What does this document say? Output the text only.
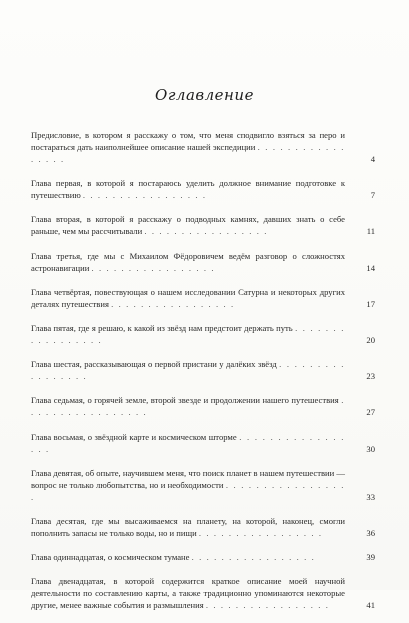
Оглавление
Предисловие, в котором я расскажу о том, что меня сподвигло взяться за перо и постараться дать наиполнейшее описание нашей экспедиции . . . . . . . . . . . . . . . . .	4
Глава первая, в которой я постараюсь уделить должное внимание подготовке к путешествию . . . . . . . . . . . . . . . . .	7
Глава вторая, в которой я расскажу о подводных камнях, давших знать о себе раньше, чем мы рассчитывали . . . . . . . . . . . . . . . . .	11
Глава третья, где мы с Михаилом Фёдоровичем ведём разговор о сложностях астронавигации . . . . . . . . . . . . . . . . .	14
Глава четвёртая, повествующая о нашем исследовании Сатурна и некоторых других деталях путешествия . . . . . . . . . . . . . . . . .	17
Глава пятая, где я решаю, к какой из звёзд нам предстоит держать путь . . . . . . . . . . . . . . . . .	20
Глава шестая, рассказывающая о первой пристани у далёких звёзд . . . . . . . . . . . . . . . . .	23
Глава седьмая, о горячей земле, второй звезде и продолжении нашего путешествия . . . . . . . . . . . . . . . . .	27
Глава восьмая, о звёздной карте и космическом шторме . . . . . . . . . . . . . . . . .	30
Глава девятая, об опыте, научившем меня, что поиск планет в нашем путешествии — вопрос не только любопытства, но и необходимости . . . . . . . . . . . . . . . . .	33
Глава десятая, где мы высаживаемся на планету, на которой, наконец, смогли пополнить запасы не только воды, но и пищи . . . . . . . . . . . . . . . . .	36
Глава одиннадцатая, о космическом тумане . . . . . . . . . . . . . . . . .	39
Глава двенадцатая, в которой содержится краткое описание моей научной деятельности по составлению карты, а также традиционно упоминаются некоторые другие, менее важные события и размышления . . . . . . . . . . . . . . . . .	41
